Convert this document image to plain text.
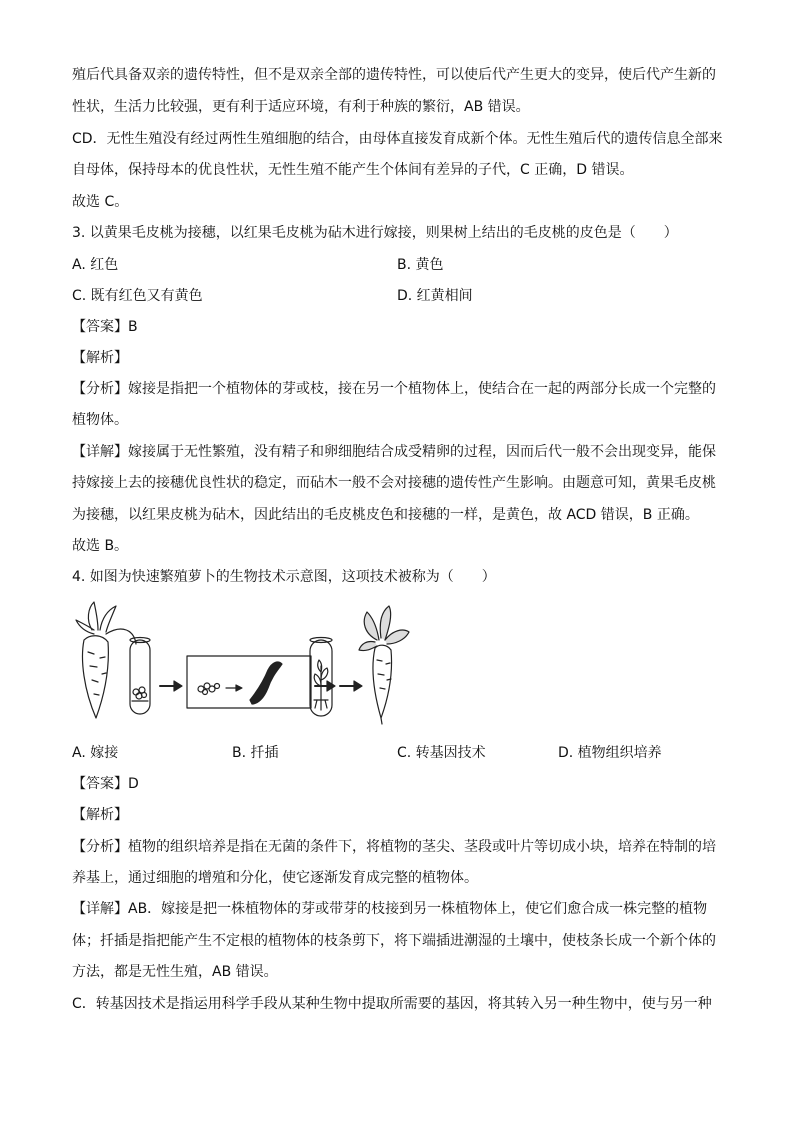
殖后代具备双亲的遗传特性，但不是双亲全部的遗传特性，可以使后代产生更大的变异，使后代产生新的
性状，生活力比较强，更有利于适应环境，有利于种族的繁衍，AB 错误。
CD．无性生殖没有经过两性生殖细胞的结合，由母体直接发育成新个体。无性生殖后代的遗传信息全部来
自母体，保持母本的优良性状，无性生殖不能产生个体间有差异的子代，C 正确，D 错误。
故选 C。
3. 以黄果毛皮桃为接穗，以红果毛皮桃为砧木进行嫁接，则果树上结出的毛皮桃的皮色是（　　）
A. 红色	B. 黄色
C. 既有红色又有黄色	D. 红黄相间
【答案】B
【解析】
【分析】嫁接是指把一个植物体的芽或枝，接在另一个植物体上，使结合在一起的两部分长成一个完整的
植物体。
【详解】嫁接属于无性繁殖，没有精子和卵细胞结合成受精卵的过程，因而后代一般不会出现变异，能保
持嫁接上去的接穗优良性状的稳定，而砧木一般不会对接穗的遗传性产生影响。由题意可知，黄果毛皮桃
为接穗，以红果皮桃为砧木，因此结出的毛皮桃皮色和接穗的一样，是黄色，故 ACD 错误，B 正确。
故选 B。
4. 如图为快速繁殖萝卜的生物技术示意图，这项技术被称为（　　）
A. 嫁接	B. 扦插	C. 转基因技术	D. 植物组织培养
【答案】D
【解析】
【分析】植物的组织培养是指在无菌的条件下，将植物的茎尖、茎段或叶片等切成小块，培养在特制的培
养基上，通过细胞的增殖和分化，使它逐渐发育成完整的植物体。
【详解】AB．嫁接是把一株植物体的芽或带芽的枝接到另一株植物体上，使它们愈合成一株完整的植物
体；扦插是指把能产生不定根的植物体的枝条剪下，将下端插进潮湿的土壤中，使枝条长成一个新个体的
方法，都是无性生殖，AB 错误。
C．转基因技术是指运用科学手段从某种生物中提取所需要的基因，将其转入另一种生物中，使与另一种
